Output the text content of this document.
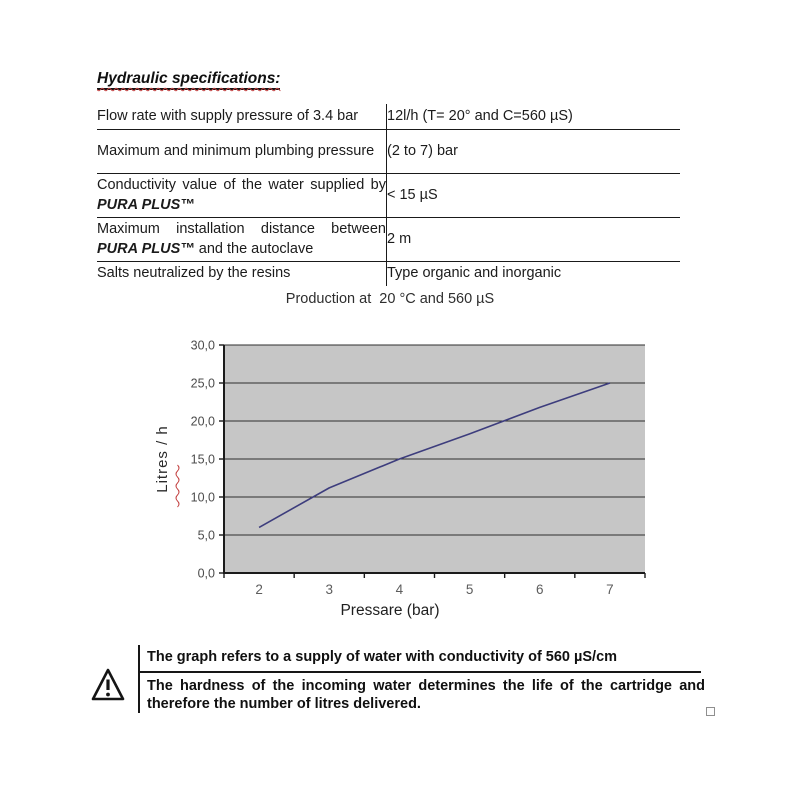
Hydraulic specifications:
Flow rate with supply pressure of 3.4 bar	12l/h (T= 20° and C=560 µS)
Maximum and minimum plumbing pressure	(2 to 7) bar
Conductivity value of the water supplied by PURA PLUS™	< 15 µS
Maximum installation distance between PURA PLUS™ and the autoclave	2 m
Salts neutralized by the resins	Type organic and inorganic
Production at  20 °C and 560 µS
0,0
5,0
10,0
15,0
20,0
25,0
30,0
2	3	4	5	6	7
Litres / h
Pressare (bar)
The graph refers to a supply of water with conductivity of 560 µS/cm
The hardness of the incoming water determines the life of the cartridge and therefore the number of litres delivered.
